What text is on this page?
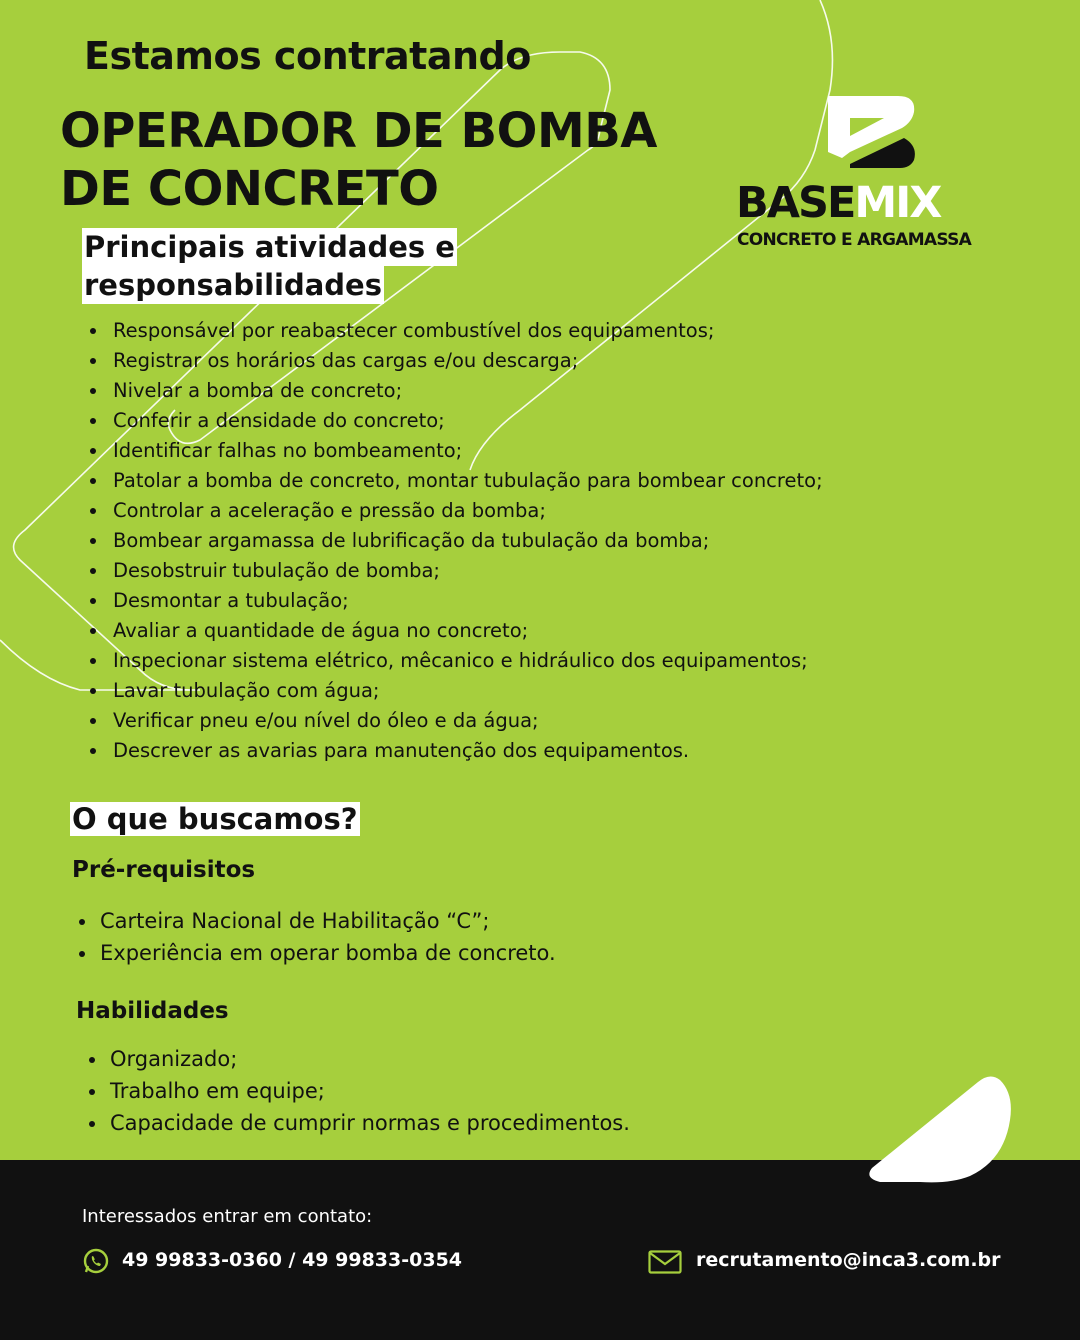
Estamos contratando
OPERADOR DE BOMBA
DE CONCRETO	BASEMIX
CONCRETO E ARGAMASSA
Principais atividades e
responsabilidades
Responsável por reabastecer combustível dos equipamentos;
Registrar os horários das cargas e/ou descarga;
Nivelar a bomba de concreto;
Conferir a densidade do concreto;
Identificar falhas no bombeamento;
Patolar a bomba de concreto, montar tubulação para bombear concreto;
Controlar a aceleração e pressão da bomba;
Bombear argamassa de lubrificação da tubulação da bomba;
Desobstruir tubulação de bomba;
Desmontar a tubulação;
Avaliar a quantidade de água no concreto;
Inspecionar sistema elétrico, mêcanico e hidráulico dos equipamentos;
Lavar tubulação com água;
Verificar pneu e/ou nível do óleo e da água;
Descrever as avarias para manutenção dos equipamentos.
O que buscamos?
Pré-requisitos
Carteira Nacional de Habilitação “C”;
Experiência em operar bomba de concreto.
Habilidades
Organizado;
Trabalho em equipe;
Capacidade de cumprir normas e procedimentos.
Interessados entrar em contato:
49 99833-0360 / 49 99833-0354	recrutamento@inca3.com.br
